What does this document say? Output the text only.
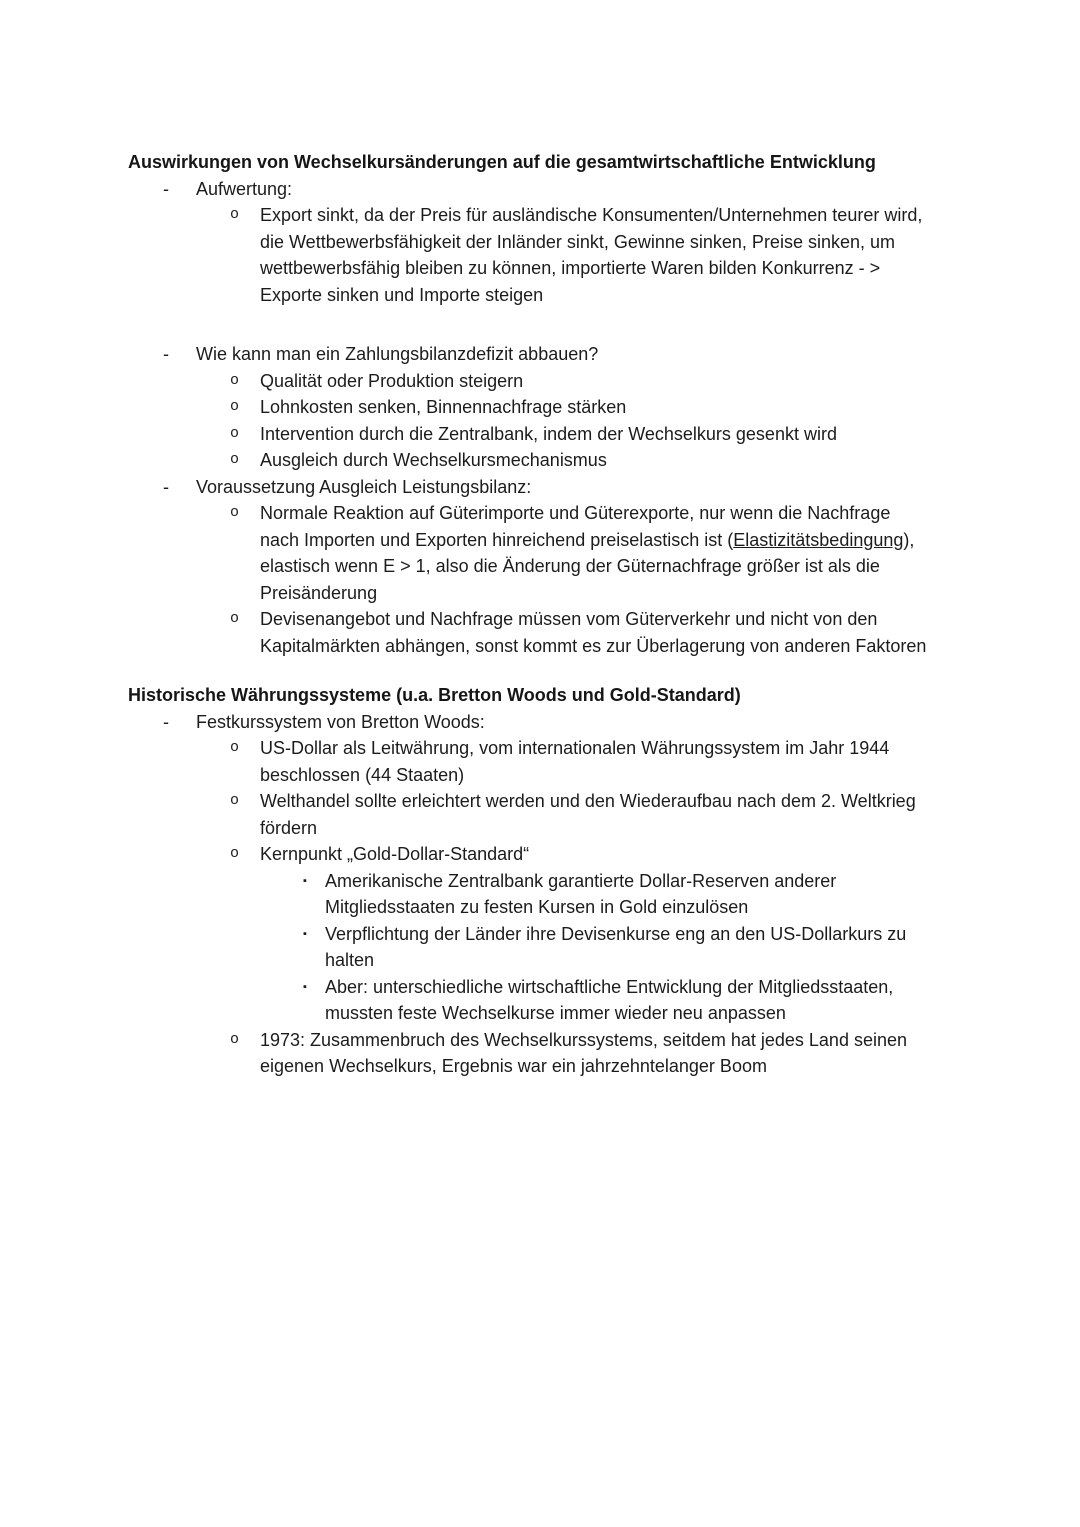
Auswirkungen von Wechselkursänderungen auf die gesamtwirtschaftliche Entwicklung
-	Aufwertung:
o	Export sinkt, da der Preis für ausländische Konsumenten/Unternehmen teurer wird, die Wettbewerbsfähigkeit der Inländer sinkt, Gewinne sinken, Preise sinken, um wettbewerbsfähig bleiben zu können, importierte Waren bilden Konkurrenz - > Exporte sinken und Importe steigen
-	Wie kann man ein Zahlungsbilanzdefizit abbauen?
o	Qualität oder Produktion steigern
o	Lohnkosten senken, Binnennachfrage stärken
o	Intervention durch die Zentralbank, indem der Wechselkurs gesenkt wird
o	Ausgleich durch Wechselkursmechanismus
-	Voraussetzung Ausgleich Leistungsbilanz:
o	Normale Reaktion auf Güterimporte und Güterexporte, nur wenn die Nachfrage nach Importen und Exporten hinreichend preiselastisch ist (Elastizitätsbedingung), elastisch wenn E > 1, also die Änderung der Güternachfrage größer ist als die Preisänderung
o	Devisenangebot und Nachfrage müssen vom Güterverkehr und nicht von den Kapitalmärkten abhängen, sonst kommt es zur Überlagerung von anderen Faktoren
Historische Währungssysteme (u.a. Bretton Woods und Gold-Standard)
-	Festkurssystem von Bretton Woods:
o	US-Dollar als Leitwährung, vom internationalen Währungssystem im Jahr 1944 beschlossen (44 Staaten)
o	Welthandel sollte erleichtert werden und den Wiederaufbau nach dem 2. Weltkrieg fördern
o	Kernpunkt „Gold-Dollar-Standard“
▪	Amerikanische Zentralbank garantierte Dollar-Reserven anderer Mitgliedsstaaten zu festen Kursen in Gold einzulösen
▪	Verpflichtung der Länder ihre Devisenkurse eng an den US-Dollarkurs zu halten
▪	Aber: unterschiedliche wirtschaftliche Entwicklung der Mitgliedsstaaten, mussten feste Wechselkurse immer wieder neu anpassen
o	1973: Zusammenbruch des Wechselkurssystems, seitdem hat jedes Land seinen eigenen Wechselkurs, Ergebnis war ein jahrzehntelanger Boom
